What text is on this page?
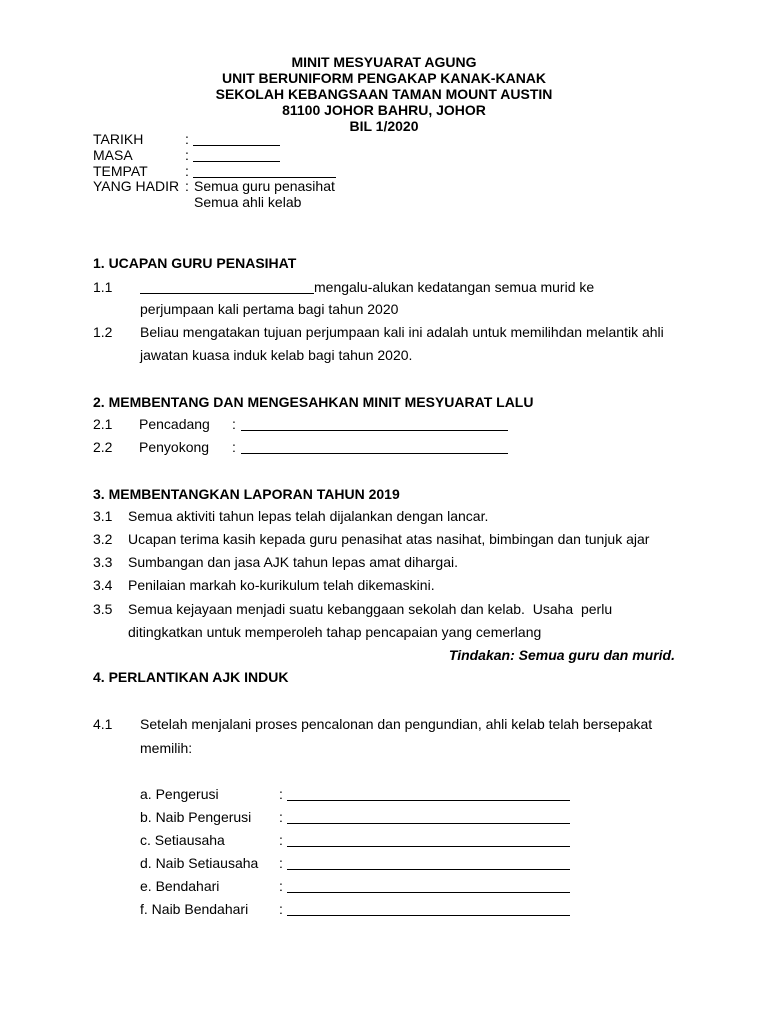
MINIT MESYUARAT AGUNG
UNIT BERUNIFORM PENGAKAP KANAK-KANAK
SEKOLAH KEBANGSAAN TAMAN MOUNT AUSTIN
81100 JOHOR BAHRU, JOHOR
BIL 1/2020
TARIKH	:
MASA	:
TEMPAT	:
YANG HADIR : Semua guru penasihat
Semua ahli kelab
1. UCAPAN GURU PENASIHAT
1.1	mengalu-alukan kedatangan semua murid ke
perjumpaan kali pertama bagi tahun 2020
1.2 Beliau mengatakan tujuan perjumpaan kali ini adalah untuk memilihdan melantik ahli
jawatan kuasa induk kelab bagi tahun 2020.
2. MEMBENTANG DAN MENGESAHKAN MINIT MESYUARAT LALU
2.1 Pencadang :
2.2 Penyokong :
3. MEMBENTANGKAN LAPORAN TAHUN 2019
3.1 Semua aktiviti tahun lepas telah dijalankan dengan lancar.
3.2 Ucapan terima kasih kepada guru penasihat atas nasihat, bimbingan dan tunjuk ajar
3.3 Sumbangan dan jasa AJK tahun lepas amat dihargai.
3.4 Penilaian markah ko-kurikulum telah dikemaskini.
3.5 Semua kejayaan menjadi suatu kebanggaan sekolah dan kelab.  Usaha  perlu
ditingkatkan untuk memperoleh tahap pencapaian yang cemerlang
Tindakan: Semua guru dan murid.
4. PERLANTIKAN AJK INDUK
4.1 Setelah menjalani proses pencalonan dan pengundian, ahli kelab telah bersepakat
memilih:
a. Pengerusi	:
b. Naib Pengerusi :
c. Setiausaha	:
d. Naib Setiausaha :
e. Bendahari	:
f. Naib Bendahari :
